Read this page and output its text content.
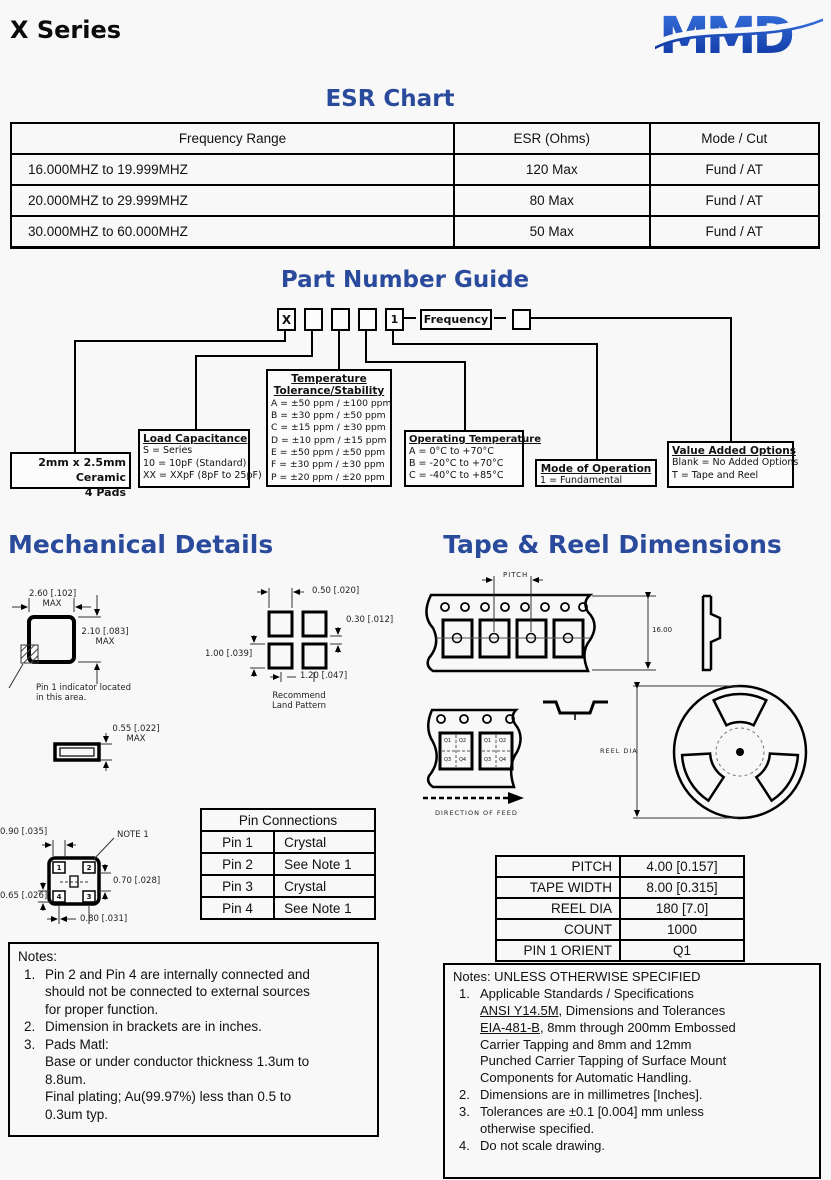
X Series	MMD
ESR Chart
Frequency Range	ESR (Ohms)	Mode / Cut
16.000MHZ to 19.999MHZ	120 Max	Fund / AT
20.000MHZ to 29.999MHZ	80 Max	Fund / AT
30.000MHZ to 60.000MHZ	50 Max	Fund / AT
Part Number Guide
X	1	Frequency
2mm x 2.5mm Ceramic
4 Pads
Load Capacitance
S = Series
10 = 10pF (Standard)
XX = XXpF (8pF to 25pF)
Temperature
Tolerance/Stability
A = ±50 ppm / ±100 ppm
B = ±30 ppm / ±50 ppm
C = ±15 ppm / ±30 ppm
D = ±10 ppm / ±15 ppm
E = ±50 ppm / ±50 ppm
F = ±30 ppm / ±30 ppm
P = ±20 ppm / ±20 ppm
Operating Temperature
A = 0°C to +70°C
B = -20°C to +70°C
C = -40°C to +85°C
Mode of Operation
1 = Fundamental
Value Added Options
Blank = No Added Options
T = Tape and Reel
Mechanical Details	Tape & Reel Dimensions
2.60 [.102]
MAX
2.10 [.083]
MAX
Pin 1 indicator located
in this area.
0.50 [.020]
0.30 [.012]
1.00 [.039]
1.20 [.047]
Recommend
Land Pattern
0.55 [.022]
MAX
0.90 [.035]	NOTE 1
0.70 [.028]
0.65 [.026]
0.80 [.031]
1	2
4	3
PITCH
16.00
REEL DIA
DIRECTION OF FEED
Q1 Q2
Q3 Q4
Q1 Q2
Q3 Q4
Pin Connections	
Pin 1	Crystal
Pin 2	See Note 1
Pin 3	Crystal
Pin 4	See Note 1
PITCH	4.00 [0.157]
TAPE WIDTH	8.00 [0.315]
REEL DIA	180 [7.0]
COUNT	1000
PIN 1 ORIENT	Q1
Notes:
1. Pin 2 and Pin 4 are internally connected and
should not be connected to external sources
for proper function.
2. Dimension in brackets are in inches.
3. Pads Matl:
Base or under conductor thickness 1.3um to
8.8um.
Final plating; Au(99.97%) less than 0.5 to
0.3um typ.
Notes: UNLESS OTHERWISE SPECIFIED
1. Applicable Standards / Specifications
ANSI Y14.5M, Dimensions and Tolerances
EIA-481-B, 8mm through 200mm Embossed
Carrier Tapping and 8mm and 12mm
Punched Carrier Tapping of Surface Mount
Components for Automatic Handling.
2. Dimensions are in millimetres [Inches].
3. Tolerances are ±0.1 [0.004] mm unless
otherwise specified.
4. Do not scale drawing.
